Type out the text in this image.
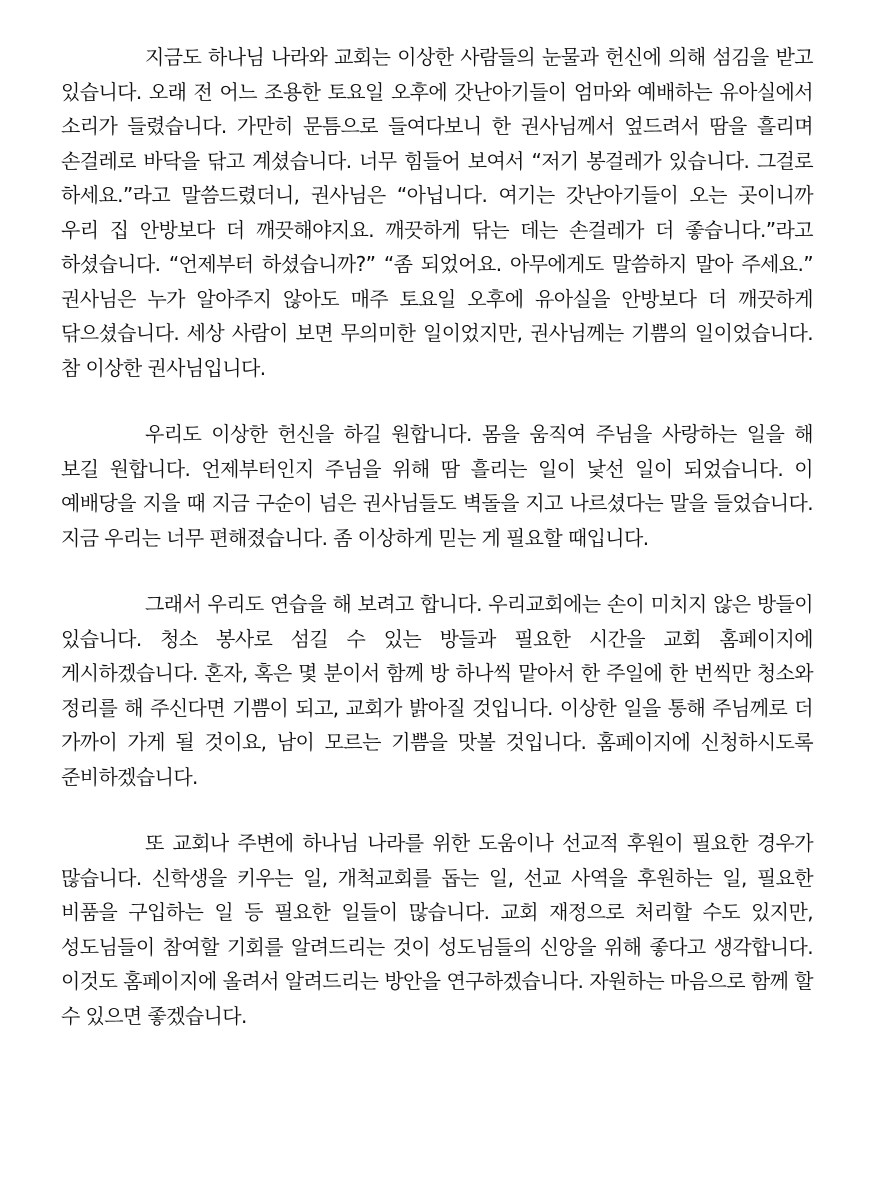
지금도 하나님 나라와 교회는 이상한 사람들의 눈물과 헌신에 의해 섬김을 받고 있습니다. 오래 전 어느 조용한 토요일 오후에 갓난아기들이 엄마와 예배하는 유아실에서 소리가 들렸습니다. 가만히 문틈으로 들여다보니 한 권사님께서 엎드려서 땀을 흘리며 손걸레로 바닥을 닦고 계셨습니다. 너무 힘들어 보여서 “저기 봉걸레가 있습니다. 그걸로 하세요.”라고 말씀드렸더니, 권사님은 “아닙니다. 여기는 갓난아기들이 오는 곳이니까 우리 집 안방보다 더 깨끗해야지요. 깨끗하게 닦는 데는 손걸레가 더 좋습니다.”라고 하셨습니다. “언제부터 하셨습니까?” “좀 되었어요. 아무에게도 말씀하지 말아 주세요.” 권사님은 누가 알아주지 않아도 매주 토요일 오후에 유아실을 안방보다 더 깨끗하게 닦으셨습니다. 세상 사람이 보면 무의미한 일이었지만, 권사님께는 기쁨의 일이었습니다. 참 이상한 권사님입니다.

우리도 이상한 헌신을 하길 원합니다. 몸을 움직여 주님을 사랑하는 일을 해 보길 원합니다. 언제부터인지 주님을 위해 땀 흘리는 일이 낯선 일이 되었습니다. 이 예배당을 지을 때 지금 구순이 넘은 권사님들도 벽돌을 지고 나르셨다는 말을 들었습니다. 지금 우리는 너무 편해졌습니다. 좀 이상하게 믿는 게 필요할 때입니다.

그래서 우리도 연습을 해 보려고 합니다. 우리교회에는 손이 미치지 않은 방들이 있습니다. 청소 봉사로 섬길 수 있는 방들과 필요한 시간을 교회 홈페이지에 게시하겠습니다. 혼자, 혹은 몇 분이서 함께 방 하나씩 맡아서 한 주일에 한 번씩만 청소와 정리를 해 주신다면 기쁨이 되고, 교회가 밝아질 것입니다. 이상한 일을 통해 주님께로 더 가까이 가게 될 것이요, 남이 모르는 기쁨을 맛볼 것입니다. 홈페이지에 신청하시도록 준비하겠습니다.

또 교회나 주변에 하나님 나라를 위한 도움이나 선교적 후원이 필요한 경우가 많습니다. 신학생을 키우는 일, 개척교회를 돕는 일, 선교 사역을 후원하는 일, 필요한 비품을 구입하는 일 등 필요한 일들이 많습니다. 교회 재정으로 처리할 수도 있지만, 성도님들이 참여할 기회를 알려드리는 것이 성도님들의 신앙을 위해 좋다고 생각합니다. 이것도 홈페이지에 올려서 알려드리는 방안을 연구하겠습니다. 자원하는 마음으로 함께 할 수 있으면 좋겠습니다.
